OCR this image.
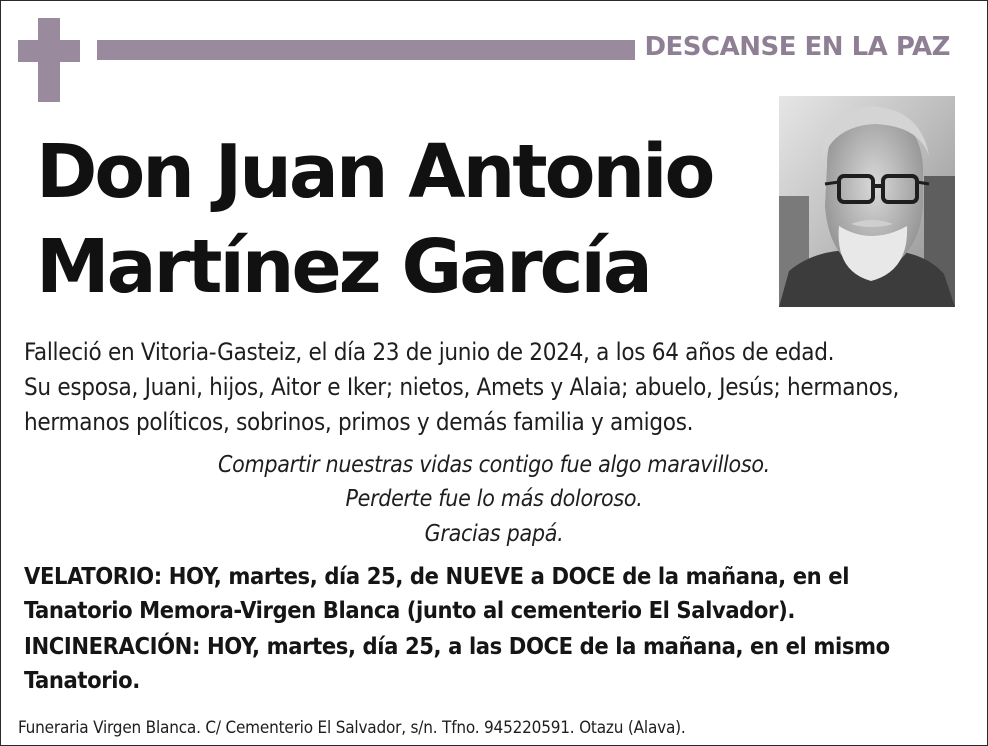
DESCANSE EN LA PAZ
Don Juan Antonio
Martínez García
Falleció en Vitoria-Gasteiz, el día 23 de junio de 2024, a los 64 años de edad.
Su esposa, Juani, hijos, Aitor e Iker; nietos, Amets y Alaia; abuelo, Jesús; hermanos, hermanos políticos, sobrinos, primos y demás familia y amigos.
Compartir nuestras vidas contigo fue algo maravilloso.
Perderte fue lo más doloroso.
Gracias papá.
VELATORIO: HOY, martes, día 25, de NUEVE a DOCE de la mañana, en el Tanatorio Memora-Virgen Blanca (junto al cementerio El Salvador).
INCINERACIÓN: HOY, martes, día 25, a las DOCE de la mañana, en el mismo Tanatorio.
Funeraria Virgen Blanca. C/ Cementerio El Salvador, s/n. Tfno. 945220591. Otazu (Alava).
